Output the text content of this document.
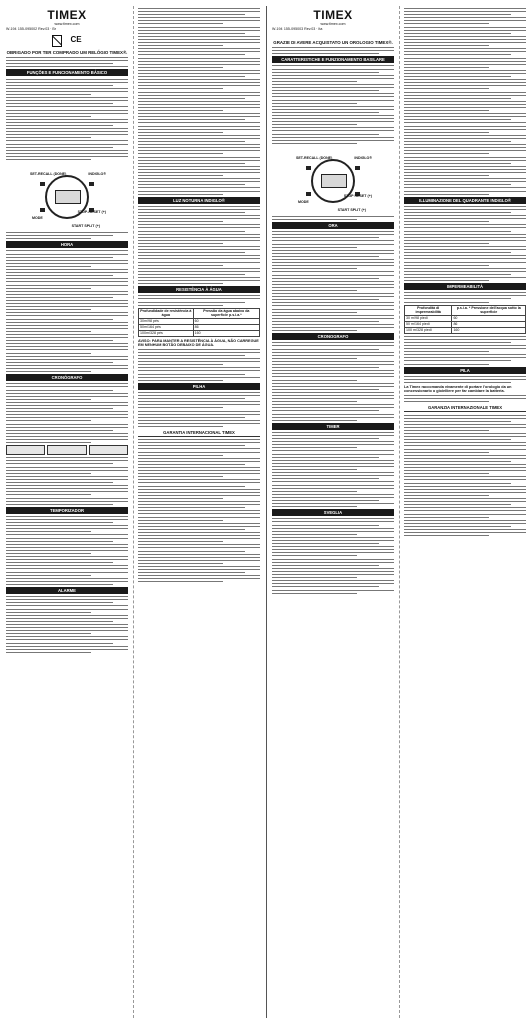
TIMEX
www.timex.com
W-194 155-095002 Rev.03 · Br
CE
OBRIGADO POR TER COMPRADO UM RELÓGIO TIMEX®.
FUNÇÕES E FUNCIONAMENTO BÁSICO
SET-RECALL (DONE)	INDIGLO®
MODE
STOP-RESET (+)
START SPLIT (+)
HORA
CRONÓGRAFO
TEMPORIZADOR
ALARME
LUZ NOTURNA INDIGLO®
RESISTÊNCIA À ÁGUA
Profundidade de resistência à água	Pressão da água abaixo da superfície p.s.i.a.*
30m/98 pés	60
50m/164 pés	86
100m/328 pés	160
AVISO: PARA MANTER A RESISTÊNCIA À ÁGUA, NÃO CARREGUE EM NENHUM BOTÃO DEBAIXO DE ÁGUA.
PILHA
GARANTIA INTERNACIONAL TIMEX
TIMEX
www.timex.com
W-194 155-095003 Rev.03 · Ita
GRAZIE DI AVERE ACQUISTATO UN OROLOGIO TIMEX®.
CARATTERISTICHE E FUNZIONAMENTO BASILARE
SET-RECALL (DONE)	INDIGLO®
MODE
STOP RESET (+)
START SPLIT (+)
ORA
CRONOGRAFO
TIMER
SVEGLIA
ILLUMINAZIONE DEL QUADRANTE INDIGLO®
IMPERMEABILITÀ
Profondità di impermeabilità	p.s.i.a. * Pressione dell'acqua sotto la superficie
30 m/98 piedi	60
50 m/164 piedi	86
100 m/328 piedi	160
PILA
La Timex raccomanda vivamente di portare l'orologio da un concessionario o gioielliere per far cambiare la batteria.
GARANZIA INTERNAZIONALE TIMEX
